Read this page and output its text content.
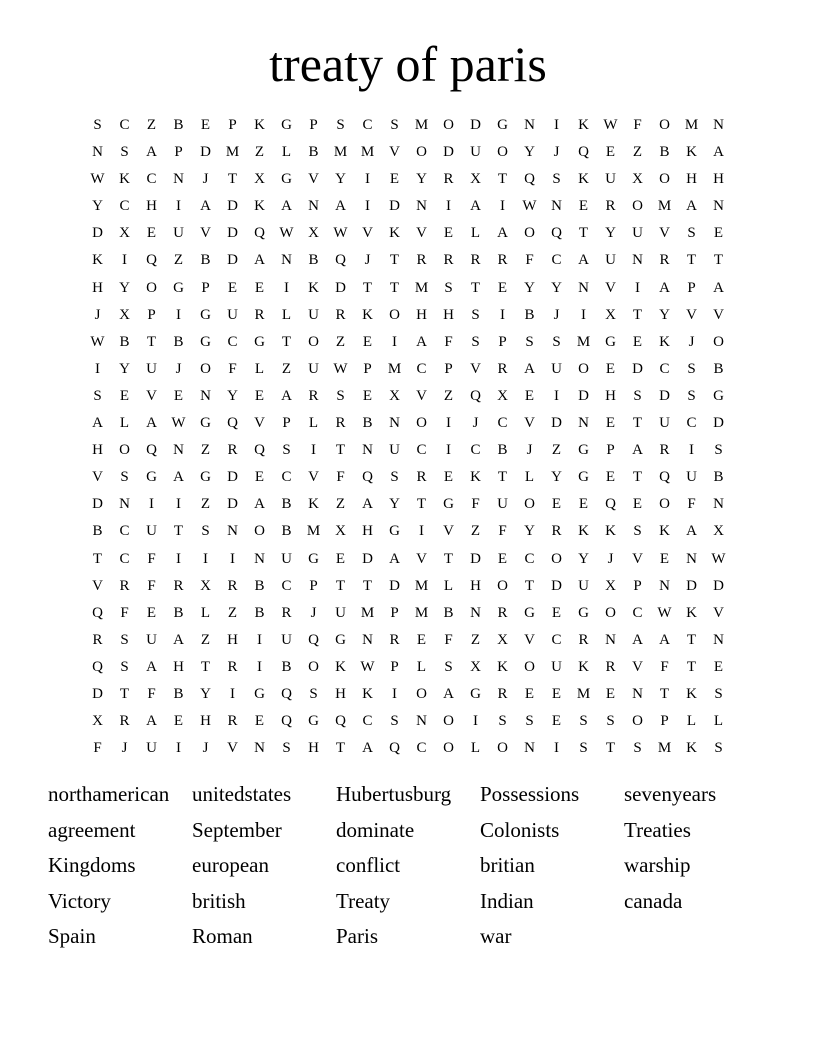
treaty of paris
S	C	Z	B	E	P	K	G	P	S	C	S	M O	D	G	N	I	K W	F	O M N
N	S	A	P	D M	Z	L	B	M M V	O	D	U	O	Y	J	Q	E	Z	B	K	A
W K	C	N	J	T	X	G	V	Y	I	E	Y	R	X	T	Q	S	K	U	X	O	H	H
Y	C	H	I	A	D	K	A	N	A	I	D	N	I	A	I	W N	E	R	O M A	N
D	X	E	U	V	D	Q W X W V	K	V	E	L	A	O	Q	T	Y	U	V	S	E
K	I	Q	Z	B	D	A	N	B	Q	J	T	R	R	R	R	F	C	A	U	N	R	T	T
H	Y	O	G	P	E	E	I	K	D	T	T	M	S	T	E	Y	Y	N	V	I	A	P	A
J	X	P	I	G	U	R	L	U	R	K	O	H	H	S	I	B	J	I	X	T	Y	V	V
W B	T	B	G	C	G	T	O	Z	E	I	A	F	S	P	S	S	M G	E	K	J	O
I	Y	U	J	O	F	L	Z	U W	P	M	C	P	V	R	A	U	O	E	D	C	S	B
S	E	V	E	N	Y	E	A	R	S	E	X	V	Z	Q	X	E	I	D	H	S	D	S	G
A	L	A W G	Q	V	P	L	R	B	N	O	I	J	C	V	D	N	E	T	U	C	D
H	O	Q	N	Z	R	Q	S	I	T	N	U	C	I	C	B	J	Z	G	P	A	R	I	S
V	S	G	A	G	D	E	C	V	F	Q	S	R	E	K	T	L	Y	G	E	T	Q	U	B
D	N	I	I	Z	D	A	B	K	Z	A	Y	T	G	F	U	O	E	E	Q	E	O	F	N
B	C	U	T	S	N	O	B	M X	H	G	I	V	Z	F	Y	R	K	K	S	K	A	X
T	C	F	I	I	I	N	U	G	E	D	A	V	T	D	E	C	O	Y	J	V	E	N W
V	R	F	R	X	R	B	C	P	T	T	D M	L	H	O	T	D	U	X	P	N	D	D
Q	F	E	B	L	Z	B	R	J	U M	P	M	B	N	R	G	E	G	O	C W K	V
R	S	U	A	Z	H	I	U	Q	G	N	R	E	F	Z	X	V	C	R	N	A	A	T	N
Q	S	A	H	T	R	I	B	O	K W	P	L	S	X	K	O	U	K	R	V	F	T	E
D	T	F	B	Y	I	G	Q	S	H	K	I	O	A	G	R	E	E	M	E	N	T	K	S
X	R	A	E	H	R	E	Q	G	Q	C	S	N	O	I	S	S	E	S	S	O	P	L	L
F	J	U	I	J	V	N	S	H	T	A	Q	C	O	L	O	N	I	S	T	S	M K	S
northamerican	unitedstates	Hubertusburg	Possessions	sevenyears
agreement	September	dominate	Colonists	Treaties
Kingdoms	european	conflict	britian	warship
Victory	british	Treaty	Indian	canada
Spain	Roman	Paris	war
